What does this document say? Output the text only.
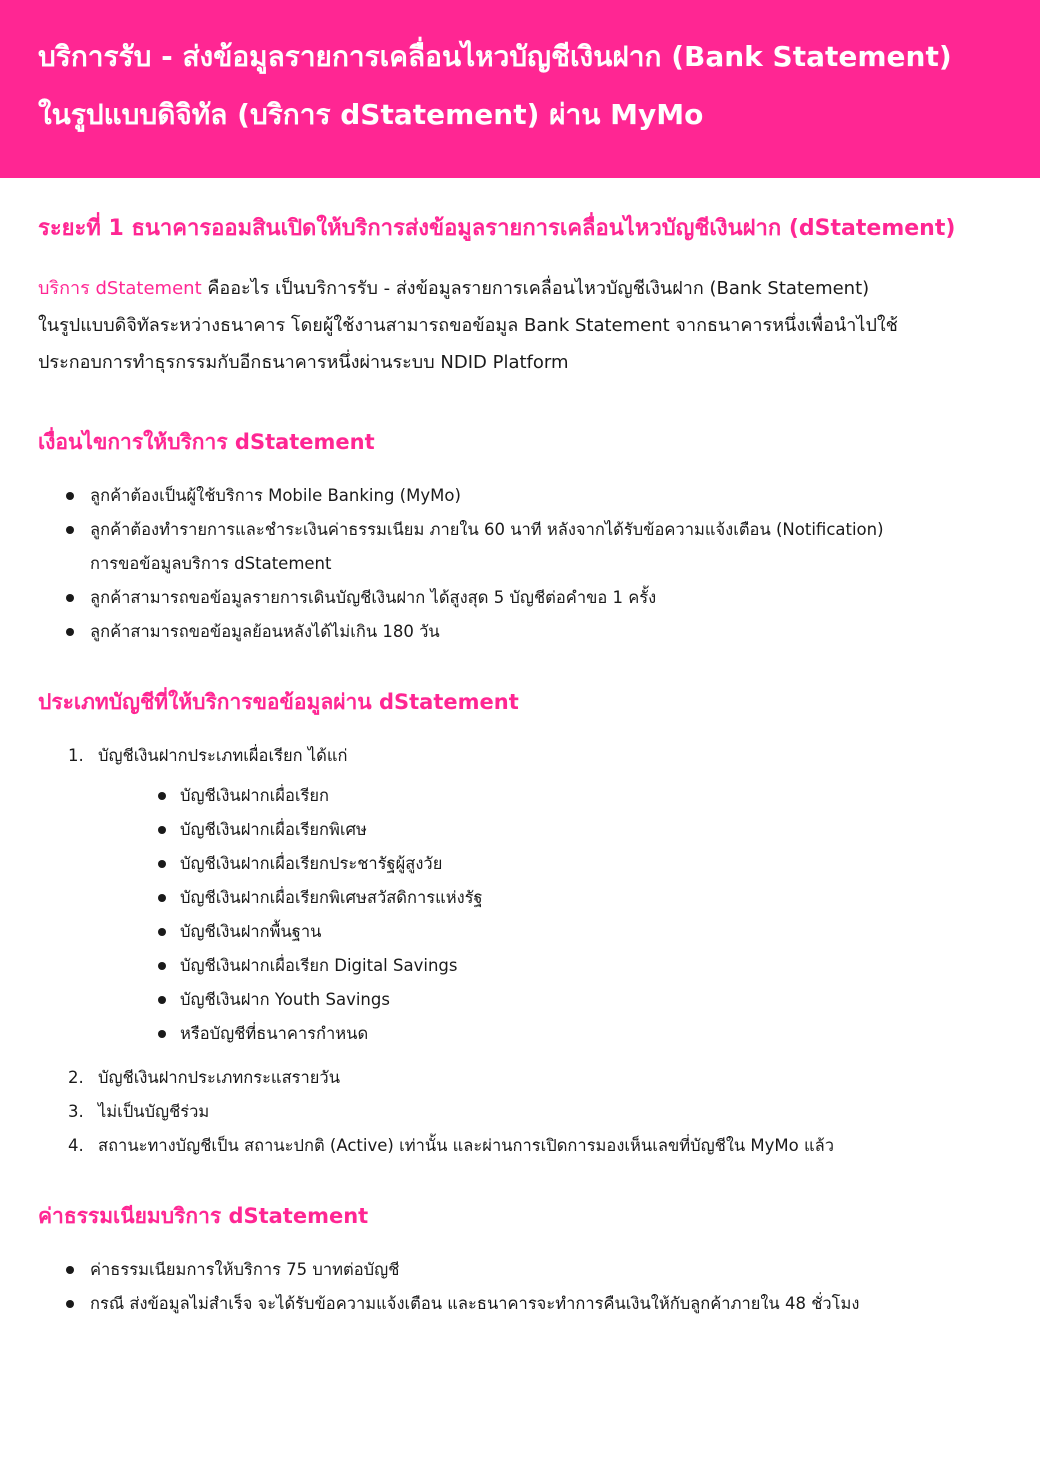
บริการรับ - ส่งข้อมูลรายการเคลื่อนไหวบัญชีเงินฝาก (Bank Statement)
ในรูปแบบดิจิทัล (บริการ dStatement) ผ่าน MyMo
ระยะที่ 1 ธนาคารออมสินเปิดให้บริการส่งข้อมูลรายการเคลื่อนไหวบัญชีเงินฝาก (dStatement)
บริการ dStatement คืออะไร เป็นบริการรับ - ส่งข้อมูลรายการเคลื่อนไหวบัญชีเงินฝาก (Bank Statement)
ในรูปแบบดิจิทัลระหว่างธนาคาร โดยผู้ใช้งานสามารถขอข้อมูล Bank Statement จากธนาคารหนึ่งเพื่อนำไปใช้
ประกอบการทำธุรกรรมกับอีกธนาคารหนึ่งผ่านระบบ NDID Platform
เงื่อนไขการให้บริการ dStatement
ลูกค้าต้องเป็นผู้ใช้บริการ Mobile Banking (MyMo)
ลูกค้าต้องทำรายการและชำระเงินค่าธรรมเนียม ภายใน 60 นาที หลังจากได้รับข้อความแจ้งเตือน (Notification)
การขอข้อมูลบริการ dStatement
ลูกค้าสามารถขอข้อมูลรายการเดินบัญชีเงินฝาก ได้สูงสุด 5 บัญชีต่อคำขอ 1 ครั้ง
ลูกค้าสามารถขอข้อมูลย้อนหลังได้ไม่เกิน 180 วัน
ประเภทบัญชีที่ให้บริการขอข้อมูลผ่าน dStatement
1. บัญชีเงินฝากประเภทเผื่อเรียก ได้แก่
บัญชีเงินฝากเผื่อเรียก
บัญชีเงินฝากเผื่อเรียกพิเศษ
บัญชีเงินฝากเผื่อเรียกประชารัฐผู้สูงวัย
บัญชีเงินฝากเผื่อเรียกพิเศษสวัสดิการแห่งรัฐ
บัญชีเงินฝากพื้นฐาน
บัญชีเงินฝากเผื่อเรียก Digital Savings
บัญชีเงินฝาก Youth Savings
หรือบัญชีที่ธนาคารกำหนด
2. บัญชีเงินฝากประเภทกระแสรายวัน
3. ไม่เป็นบัญชีร่วม
4. สถานะทางบัญชีเป็น สถานะปกติ (Active) เท่านั้น และผ่านการเปิดการมองเห็นเลขที่บัญชีใน MyMo แล้ว
ค่าธรรมเนียมบริการ dStatement
ค่าธรรมเนียมการให้บริการ 75 บาทต่อบัญชี
กรณี ส่งข้อมูลไม่สำเร็จ จะได้รับข้อความแจ้งเตือน และธนาคารจะทำการคืนเงินให้กับลูกค้าภายใน 48 ชั่วโมง
